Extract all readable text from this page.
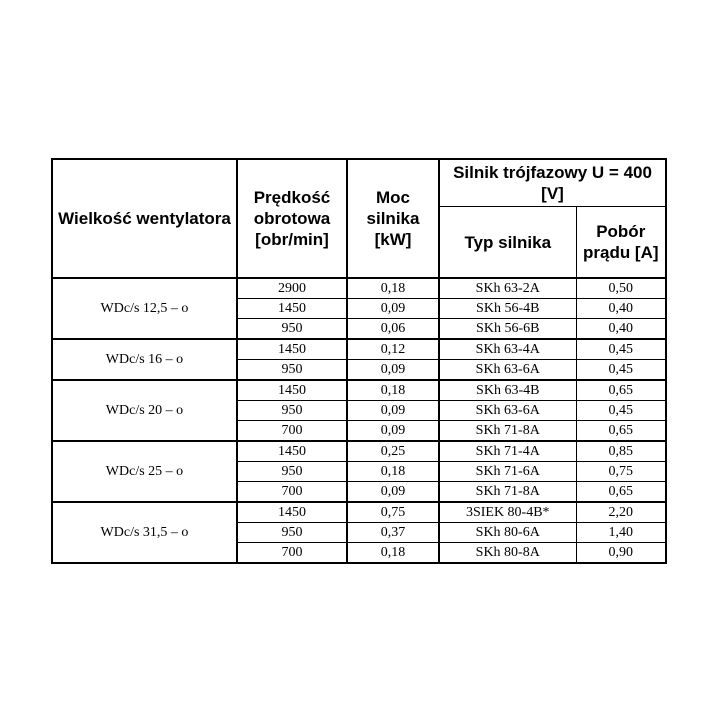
Wielkość wentylatora	Prędkość obrotowa [obr/min]	Moc silnika [kW]	Silnik trójfazowy U = 400 [V]	
			Typ silnika	Pobór prądu [A]
WDc/s 12,5 – o	2900	0,18	SKh 63-2A	0,50
	1450	0,09	SKh 56-4B	0,40
	950	0,06	SKh 56-6B	0,40
WDc/s 16 – o	1450	0,12	SKh 63-4A	0,45
	950	0,09	SKh 63-6A	0,45
WDc/s 20 – o	1450	0,18	SKh 63-4B	0,65
	950	0,09	SKh 63-6A	0,45
	700	0,09	SKh 71-8A	0,65
WDc/s 25 – o	1450	0,25	SKh 71-4A	0,85
	950	0,18	SKh 71-6A	0,75
	700	0,09	SKh 71-8A	0,65
WDc/s 31,5 – o	1450	0,75	3SIEK 80-4B*	2,20
	950	0,37	SKh 80-6A	1,40
	700	0,18	SKh 80-8A	0,90
